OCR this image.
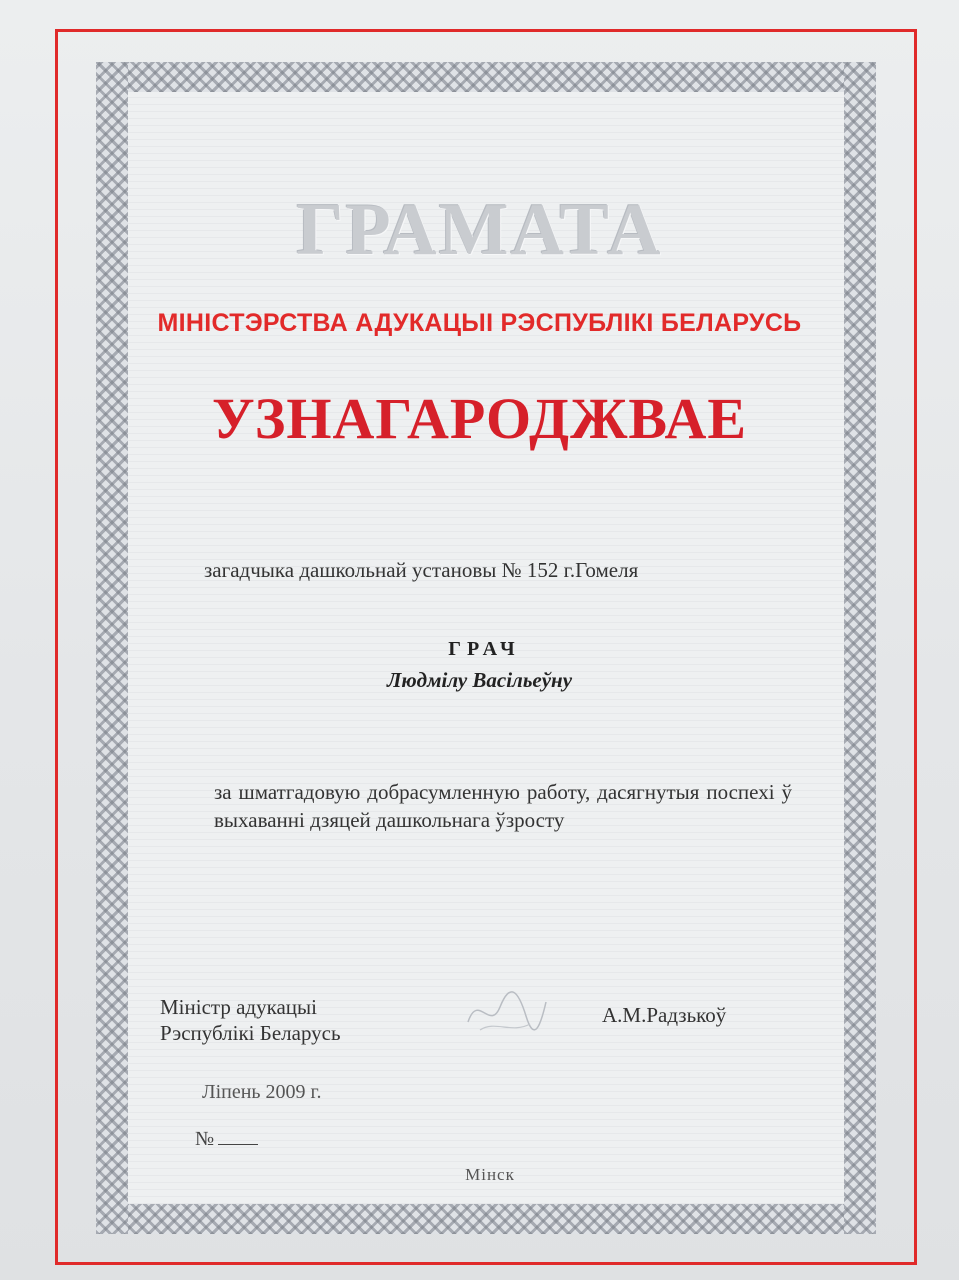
ГРАМАТА
МІНІСТЭРСТВА АДУКАЦЫІ РЭСПУБЛІКІ БЕЛАРУСЬ
УЗНАГАРОДЖВАЕ
загадчыка дашкольнай установы № 152 г.Гомеля
ГРАЧ
Людмілу Васільеўну
за шматгадовую добрасумленную работу, дасягнутыя поспехі ў выхаванні дзяцей дашкольнага ўзросту
Міністр адукацыі
Рэспублікі Беларусь
А.М.Радзькоў
Ліпень 2009 г.
№
Мінск
